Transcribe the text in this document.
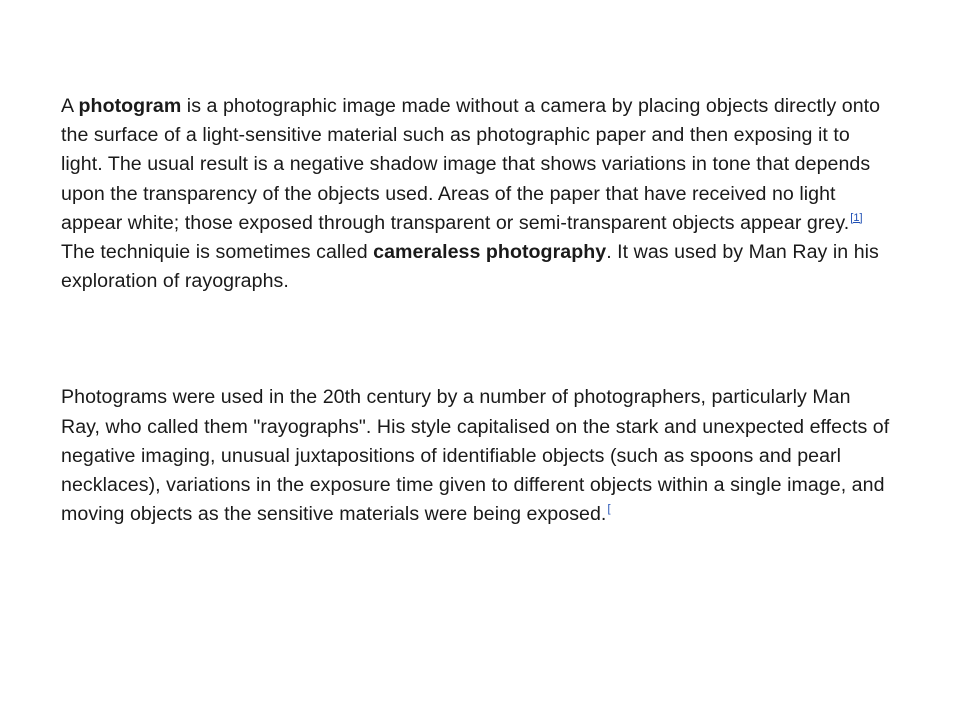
A photogram is a photographic image made without a camera by placing objects directly onto the surface of a light-sensitive material such as photographic paper and then exposing it to light. The usual result is a negative shadow image that shows variations in tone that depends upon the transparency of the objects used. Areas of the paper that have received no light appear white; those exposed through transparent or semi-transparent objects appear grey.[1]

The techniquie is sometimes called cameraless photography. It was used by Man Ray in his exploration of rayographs.

Photograms were used in the 20th century by a number of photographers, particularly Man Ray, who called them "rayographs". His style capitalised on the stark and unexpected effects of negative imaging, unusual juxtapositions of identifiable objects (such as spoons and pearl necklaces), variations in the exposure time given to different objects within a single image, and moving objects as the sensitive materials were being exposed.[
